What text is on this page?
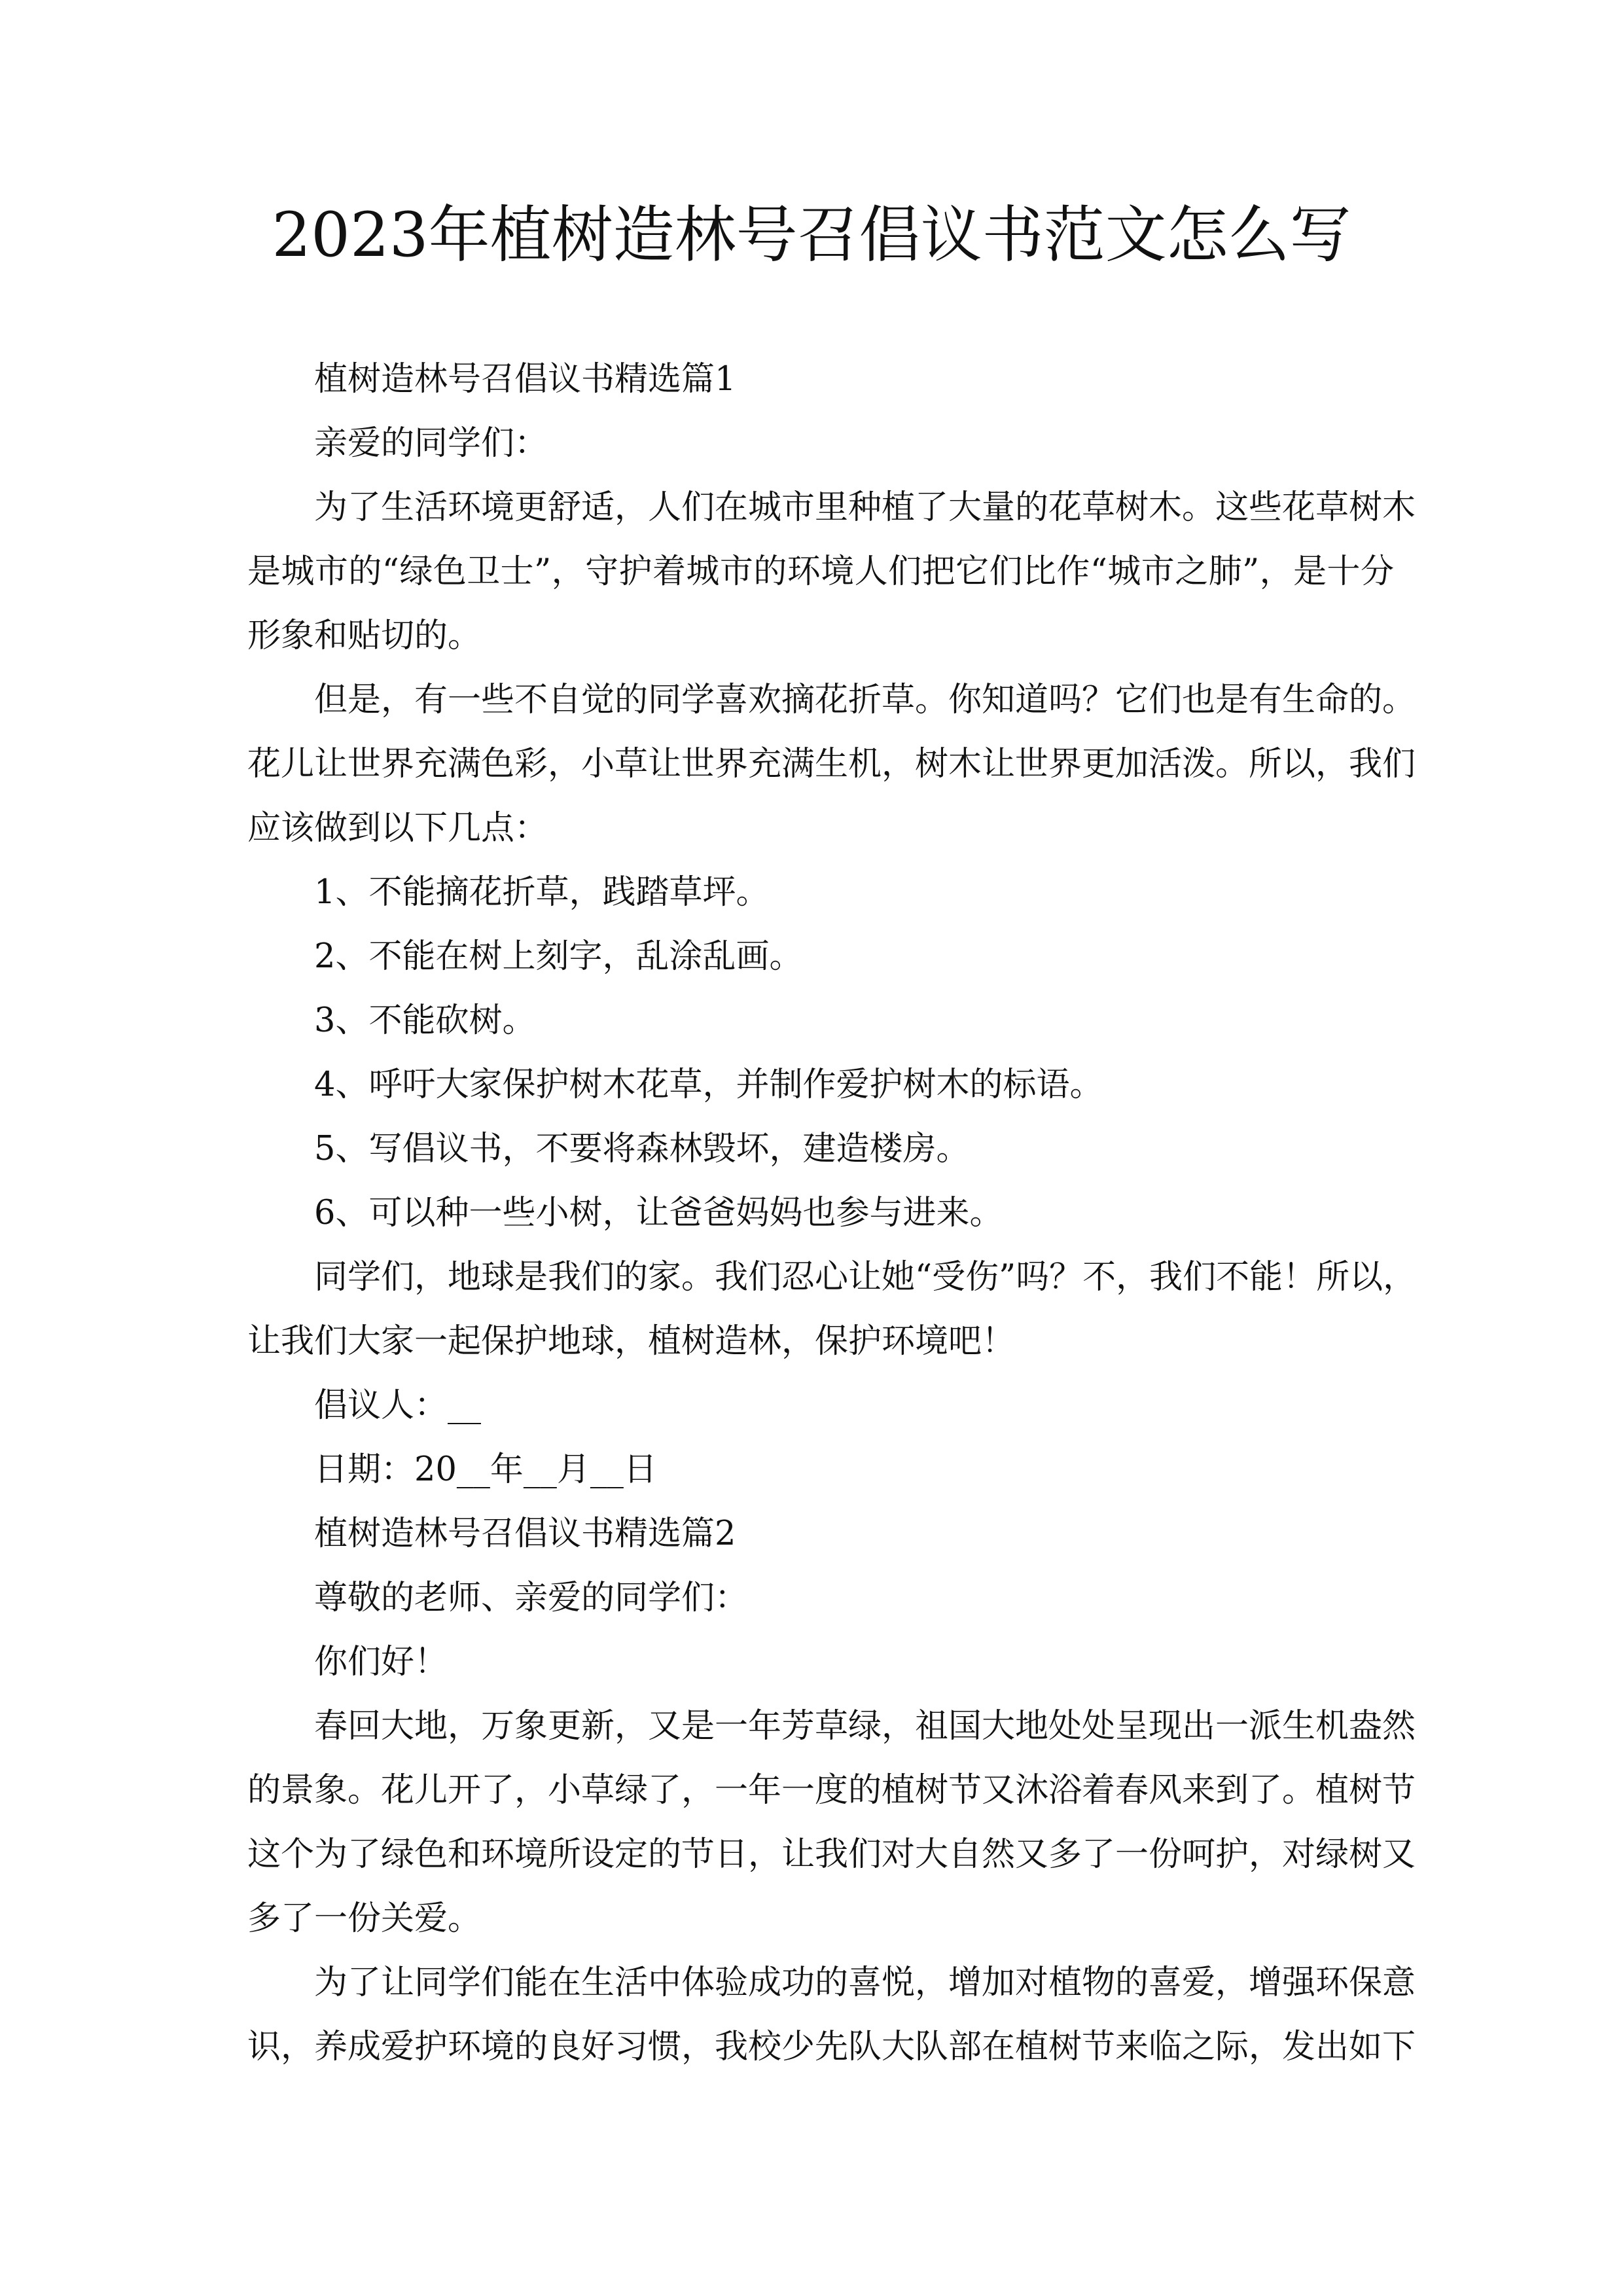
2023年植树造林号召倡议书范文怎么写
植树造林号召倡议书精选篇1
亲爱的同学们：
为了生活环境更舒适，人们在城市里种植了大量的花草树木。这些花草树木
是城市的“绿色卫士”，守护着城市的环境人们把它们比作“城市之肺”，是十分
形象和贴切的。
但是，有一些不自觉的同学喜欢摘花折草。你知道吗？它们也是有生命的。
花儿让世界充满色彩，小草让世界充满生机，树木让世界更加活泼。所以，我们
应该做到以下几点：
1、不能摘花折草，践踏草坪。
2、不能在树上刻字，乱涂乱画。
3、不能砍树。
4、呼吁大家保护树木花草，并制作爱护树木的标语。
5、写倡议书，不要将森林毁坏，建造楼房。
6、可以种一些小树，让爸爸妈妈也参与进来。
同学们，地球是我们的家。我们忍心让她“受伤”吗？不，我们不能！所以，
让我们大家一起保护地球，植树造林，保护环境吧！
倡议人：__
日期：20__年__月__日
植树造林号召倡议书精选篇2
尊敬的老师、亲爱的同学们：
你们好！
春回大地，万象更新，又是一年芳草绿，祖国大地处处呈现出一派生机盎然
的景象。花儿开了，小草绿了，一年一度的植树节又沐浴着春风来到了。植树节
这个为了绿色和环境所设定的节日，让我们对大自然又多了一份呵护，对绿树又
多了一份关爱。
为了让同学们能在生活中体验成功的喜悦，增加对植物的喜爱，增强环保意
识，养成爱护环境的良好习惯，我校少先队大队部在植树节来临之际，发出如下
